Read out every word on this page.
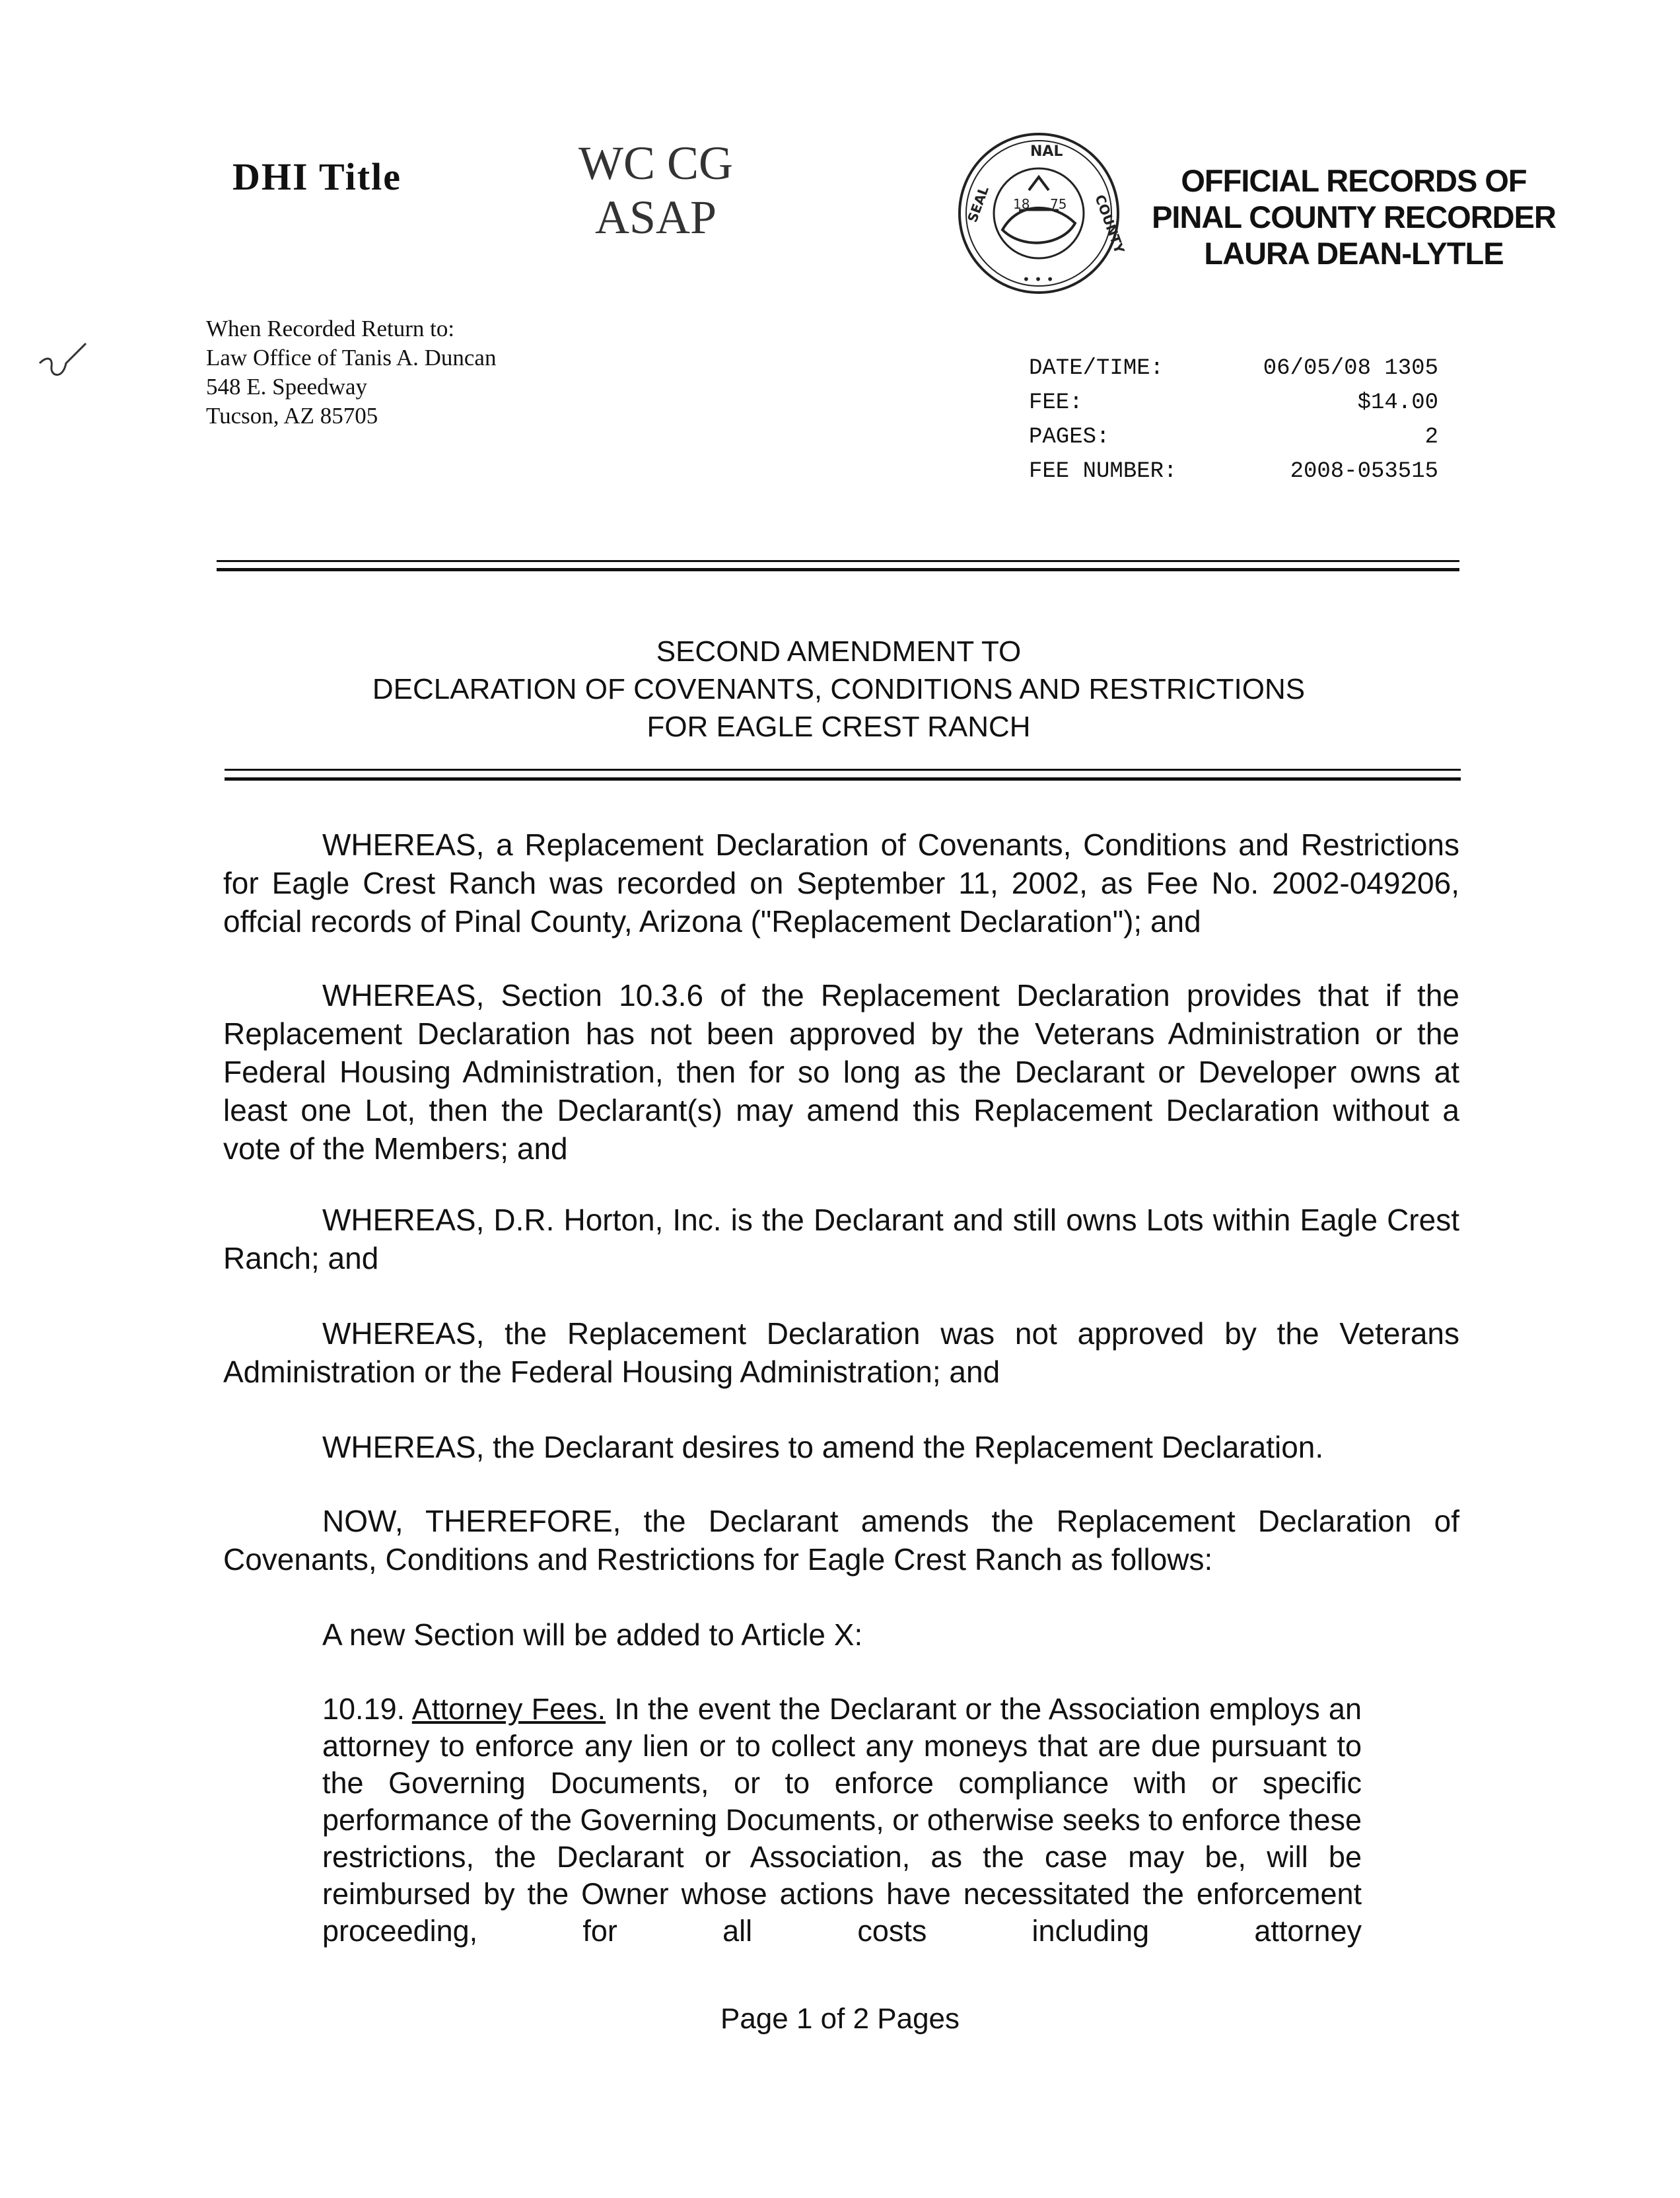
DHI Title	WC CG
ASAP	18 75
NAL
SEAL	COUNTY
• • •
OFFICIAL RECORDS OF
PINAL COUNTY RECORDER
LAURA DEAN-LYTLE
When Recorded Return to:
Law Office of Tanis A. Duncan
548 E. Speedway
Tucson, AZ 85705
DATE/TIME:	06/05/08 1305
FEE:	$14.00
PAGES:	2
FEE NUMBER:	2008-053515
SECOND AMENDMENT TO
DECLARATION OF COVENANTS, CONDITIONS AND RESTRICTIONS
FOR EAGLE CREST RANCH
WHEREAS, a Replacement Declaration of Covenants, Conditions and Restrictions for Eagle Crest Ranch was recorded on September 11, 2002, as Fee No. 2002-049206, offcial records of Pinal County, Arizona ("Replacement Declaration"); and
WHEREAS, Section 10.3.6 of the Replacement Declaration provides that if the Replacement Declaration has not been approved by the Veterans Administration or the Federal Housing Administration, then for so long as the Declarant or Developer owns at least one Lot, then the Declarant(s) may amend this Replacement Declaration without a vote of the Members; and
WHEREAS, D.R. Horton, Inc. is the Declarant and still owns Lots within Eagle Crest Ranch; and
WHEREAS, the Replacement Declaration was not approved by the Veterans Administration or the Federal Housing Administration; and
WHEREAS, the Declarant desires to amend the Replacement Declaration.
NOW, THEREFORE, the Declarant amends the Replacement Declaration of Covenants, Conditions and Restrictions for Eagle Crest Ranch as follows:
A new Section will be added to Article X:
10.19. Attorney Fees. In the event the Declarant or the Association employs an attorney to enforce any lien or to collect any moneys that are due pursuant to the Governing Documents, or to enforce compliance with or specific performance of the Governing Documents, or otherwise seeks to enforce these restrictions, the Declarant or Association, as the case may be, will be reimbursed by the Owner whose actions have necessitated the enforcement proceeding, for all costs including attorney
Page 1 of 2 Pages
